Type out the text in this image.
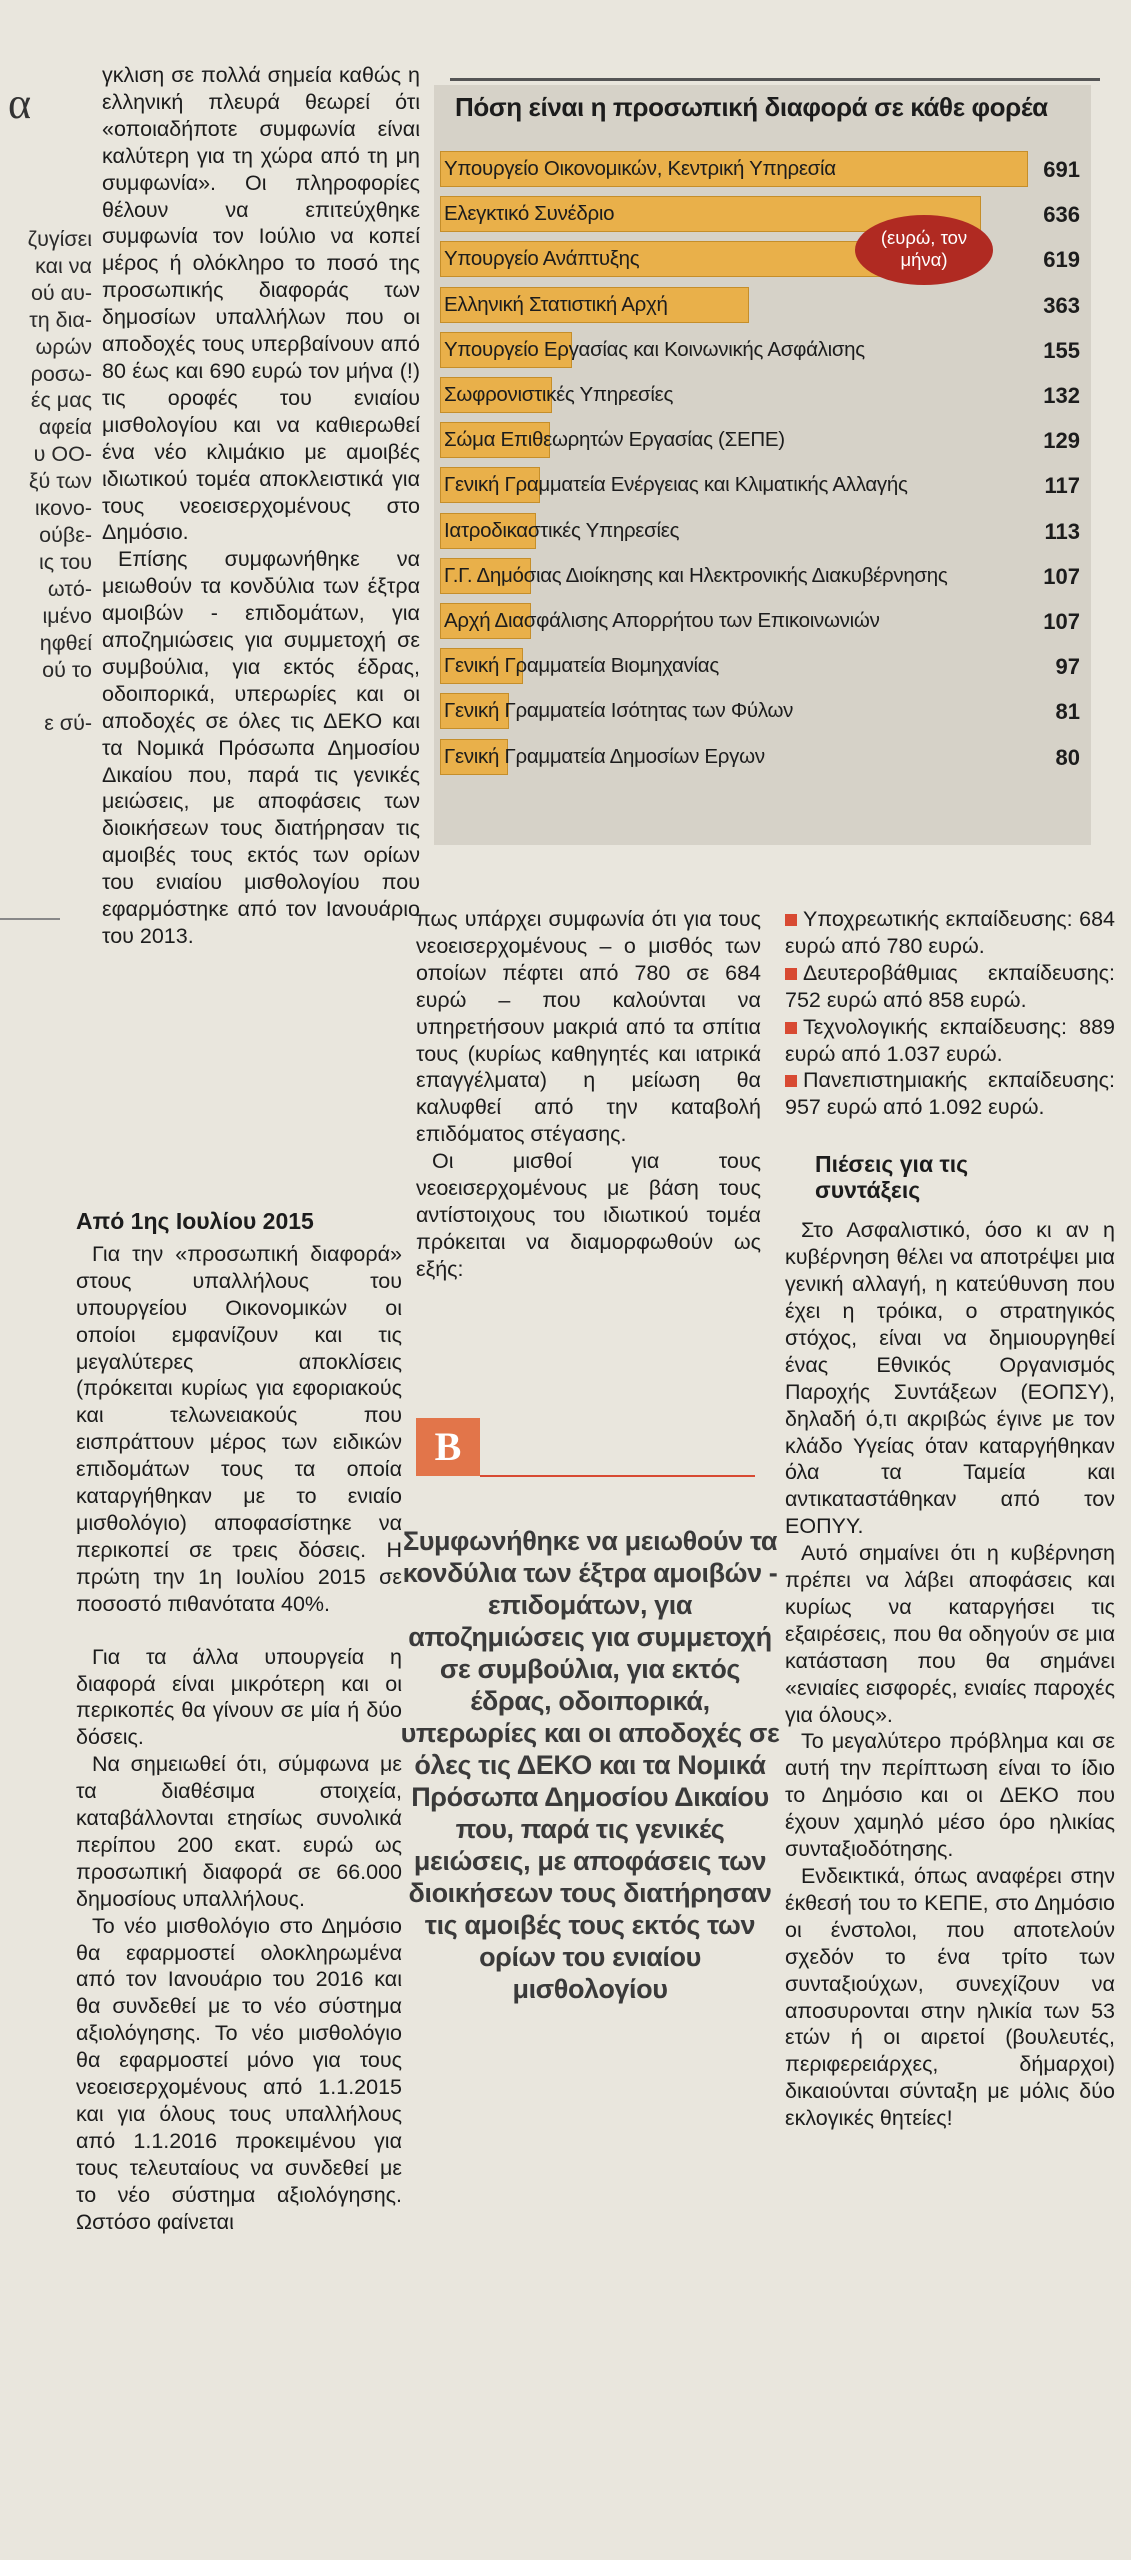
α
ζυγίσει
και να
ού αυ-
τη δια-
ωρών
ροσω-
ές μας
αφεία
υ ΟΟ-
ξύ των
ικονο-
ούβε-
ις του
ωτό-
ιμένο
ηφθεί
ού το

ε σύ-

γκλιση σε πολλά σημεία καθώς η ελληνική πλευρά θεωρεί ότι «οποιαδήποτε συμφωνία είναι καλύτερη για τη χώρα από τη μη συμφωνία». Οι πληροφορίες θέλουν να επιτεύχθηκε συμφωνία τον Ιούλιο να κοπεί μέρος ή ολόκληρο το ποσό της προσωπικής διαφοράς των δημοσίων υπαλλήλων που οι αποδοχές τους υπερβαίνουν από 80 έως και 690 ευρώ τον μήνα (!) τις οροφές του ενιαίου μισθολογίου και να καθιερωθεί ένα νέο κλιμάκιο με αμοιβές ιδιωτικού τομέα αποκλειστικά για τους νεοεισερχομένους στο Δημόσιο.

Επίσης συμφωνήθηκε να μειωθούν τα κονδύλια των έξτρα αμοιβών - επιδομάτων, για αποζημιώσεις για συμμετοχή σε συμβούλια, για εκτός έδρας, οδοιπορικά, υπερωρίες και οι αποδοχές σε όλες τις ΔΕΚΟ και τα Νομικά Πρόσωπα Δημοσίου Δικαίου που, παρά τις γενικές μειώσεις, με αποφάσεις των διοικήσεων τους διατήρησαν τις αμοιβές τους εκτός των ορίων του ενιαίου μισθολογίου που εφαρμόστηκε από τον Ιανουάριο του 2013.

Πόση είναι η προσωπική διαφορά σε κάθε φορέα
Υπουργείο Οικονομικών, Κεντρική Υπηρεσία	691
Ελεγκτικό Συνέδριο	636
Υπουργείο Ανάπτυξης	619
Ελληνική Στατιστική Αρχή	363
Υπουργείο Εργασίας και Κοινωνικής Ασφάλισης	155
Σωφρονιστικές Υπηρεσίες	132
Σώμα Επιθεωρητών Εργασίας (ΣΕΠΕ)	129
Γενική Γραμματεία Ενέργειας και Κλιματικής Αλλαγής	117
Ιατροδικαστικές Υπηρεσίες	113
Γ.Γ. Δημόσιας Διοίκησης και Ηλεκτρονικής Διακυβέρνησης	107
Αρχή Διασφάλισης Απορρήτου των Επικοινωνιών	107
Γενική Γραμματεία Βιομηχανίας	97
Γενική Γραμματεία Ισότητας των Φύλων	81
Γενική Γραμματεία Δημοσίων Εργων	80
(ευρώ, τον μήνα)
Από 1ης Ιουλίου 2015

Για την «προσωπική διαφορά» στους υπαλλήλους του υπουργείου Οικονομικών οι οποίοι εμφανίζουν και τις μεγαλύτερες αποκλίσεις (πρόκειται κυρίως για εφοριακούς και τελωνειακούς που εισπράττουν μέρος των ειδικών επιδομάτων τους τα οποία καταργήθηκαν με το ενιαίο μισθολόγιο) αποφασίστηκε να περικοπεί σε τρεις δόσεις. Η πρώτη την 1η Ιουλίου 2015 σε ποσοστό πιθανότατα 40%.

Για τα άλλα υπουργεία η διαφορά είναι μικρότερη και οι περικοπές θα γίνουν σε μία ή δύο δόσεις.

Να σημειωθεί ότι, σύμφωνα με τα διαθέσιμα στοιχεία, καταβάλλονται ετησίως συνολικά περίπου 200 εκατ. ευρώ ως προσωπική διαφορά σε 66.000 δημοσίους υπαλλήλους.

Το νέο μισθολόγιο στο Δημόσιο θα εφαρμοστεί ολοκληρωμένα από τον Ιανουάριο του 2016 και θα συνδεθεί με το νέο σύστημα αξιολόγησης. Το νέο μισθολόγιο θα εφαρμοστεί μόνο για τους νεοεισερχομένους από 1.1.2015 και για όλους τους υπαλλήλους από 1.1.2016 προκειμένου για τους τελευταίους να συνδεθεί με το νέο σύστημα αξιολόγησης. Ωστόσο φαίνεται

πως υπάρχει συμφωνία ότι για τους νεοεισερχομένους – ο μισθός των οποίων πέφτει από 780 σε 684 ευρώ – που καλούνται να υπηρετήσουν μακριά από τα σπίτια τους (κυρίως καθηγητές και ιατρικά επαγγέλματα) η μείωση θα καλυφθεί από την καταβολή επιδόματος στέγασης.

Οι μισθοί για τους νεοεισερχομένους με βάση τους αντίστοιχους του ιδιωτικού τομέα πρόκειται να διαμορφωθούν ως εξής:

B
Συμφωνήθηκε να μειωθούν τα κονδύλια των έξτρα αμοιβών - επιδομάτων, για αποζημιώσεις για συμμετοχή σε συμβούλια, για εκτός έδρας, οδοιπορικά, υπερωρίες και οι αποδοχές σε όλες τις ΔΕΚΟ και τα Νομικά Πρόσωπα Δημοσίου Δικαίου που, παρά τις γενικές μειώσεις, με αποφάσεις των διοικήσεων τους διατήρησαν τις αμοιβές τους εκτός των ορίων του ενιαίου μισθολογίου

Υποχρεωτικής εκπαίδευσης: 684 ευρώ από 780 ευρώ.

Δευτεροβάθμιας εκπαίδευσης: 752 ευρώ από 858 ευρώ.

Τεχνολογικής εκπαίδευσης: 889 ευρώ από 1.037 ευρώ.

Πανεπιστημιακής εκπαίδευσης: 957 ευρώ από 1.092 ευρώ.

Πιέσεις για τις συντάξεις

Στο Ασφαλιστικό, όσο κι αν η κυβέρνηση θέλει να αποτρέψει μια γενική αλλαγή, η κατεύθυνση που έχει η τρόικα, ο στρατηγικός στόχος, είναι να δημιουργηθεί ένας Εθνικός Οργανισμός Παροχής Συντάξεων (ΕΟΠΣΥ), δηλαδή ό,τι ακριβώς έγινε με τον κλάδο Υγείας όταν καταργήθηκαν όλα τα Ταμεία και αντικαταστάθηκαν από τον ΕΟΠΥΥ.

Αυτό σημαίνει ότι η κυβέρνηση πρέπει να λάβει αποφάσεις και κυρίως να καταργήσει τις εξαιρέσεις, που θα οδηγούν σε μια κατάσταση που θα σημάνει «ενιαίες εισφορές, ενιαίες παροχές για όλους».

Το μεγαλύτερο πρόβλημα και σε αυτή την περίπτωση είναι το ίδιο το Δημόσιο και οι ΔΕΚΟ που έχουν χαμηλό μέσο όρο ηλικίας συνταξιοδότησης.

Ενδεικτικά, όπως αναφέρει στην έκθεσή του το ΚΕΠΕ, στο Δημόσιο οι ένστολοι, που αποτελούν σχεδόν το ένα τρίτο των συνταξιούχων, συνεχίζουν να αποσυρονται στην ηλικία των 53 ετών ή οι αιρετοί (βουλευτές, περιφερειάρχες, δήμαρχοι) δικαιούνται σύνταξη με μόλις δύο εκλογικές θητείες!
